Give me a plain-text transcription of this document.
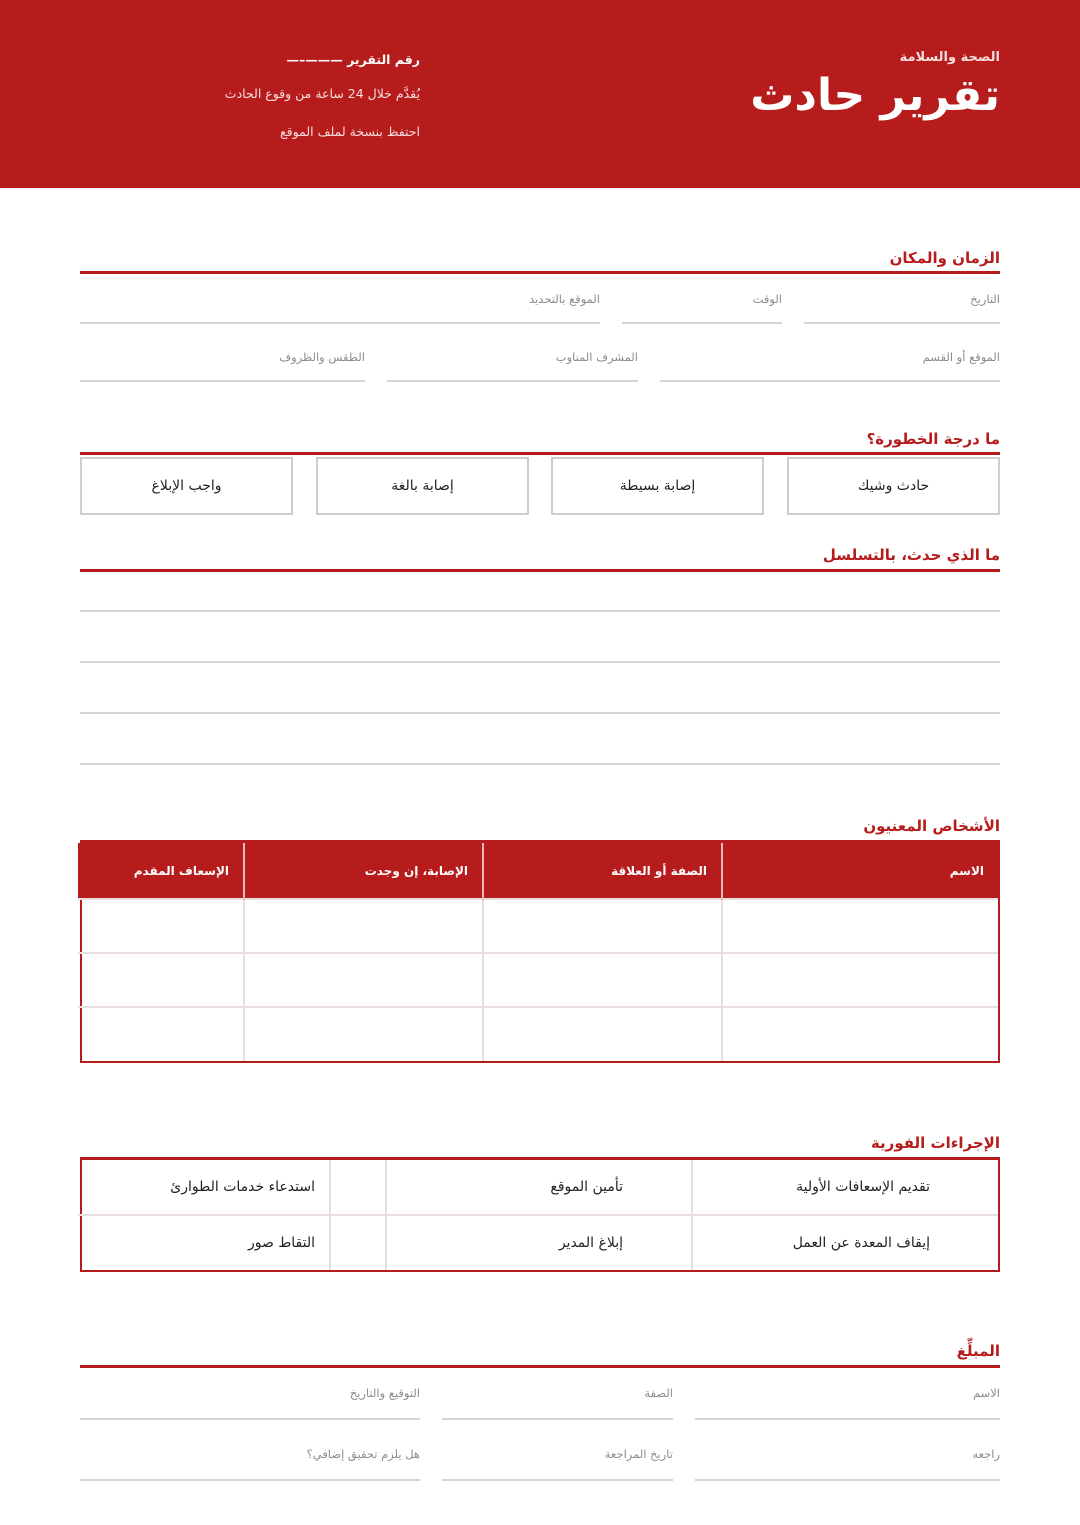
الصحة والسلامة
تقرير حادث
رقم التقرير ———–—
يُقدَّم خلال 24 ساعة من وقوع الحادث
احتفظ بنسخة لملف الموقع
الزمان والمكان
التاريخ
الوقت
الموقع بالتحديد
الموقع أو القسم
المشرف المناوب
الطقس والظروف
ما درجة الخطورة؟
حادث وشيك
إصابة بسيطة
إصابة بالغة
واجب الإبلاغ
ما الذي حدث، بالتسلسل
الأشخاص المعنيون
الاسم	الصفة أو العلاقة	الإصابة، إن وجدت	الإسعاف المقدم

الإجراءات الفورية
تقديم الإسعافات الأولية	تأمين الموقع		استدعاء خدمات الطوارئ
إيقاف المعدة عن العمل	إبلاغ المدير		التقاط صور
المبلِّغ
الاسم
الصفة
التوقيع والتاريخ
راجعه
تاريخ المراجعة
هل يلزم تحقيق إضافي؟
